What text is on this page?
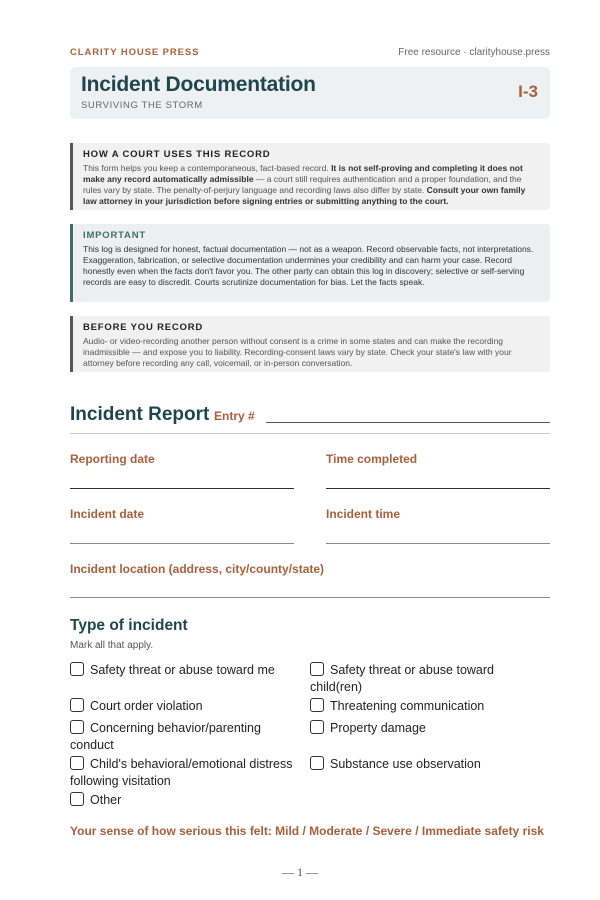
CLARITY HOUSE PRESS	Free resource · clarityhouse.press
Incident Documentation
SURVIVING THE STORM
I-3
HOW A COURT USES THIS RECORD

This form helps you keep a contemporaneous, fact-based record. It is not self-proving and completing it does not make any record automatically admissible — a court still requires authentication and a proper foundation, and the rules vary by state. The penalty-of-perjury language and recording laws also differ by state. Consult your own family law attorney in your jurisdiction before signing entries or submitting anything to the court.

IMPORTANT

This log is designed for honest, factual documentation — not as a weapon. Record observable facts, not interpretations. Exaggeration, fabrication, or selective documentation undermines your credibility and can harm your case. Record honestly even when the facts don't favor you. The other party can obtain this log in discovery; selective or self-serving records are easy to discredit. Courts scrutinize documentation for bias. Let the facts speak.

BEFORE YOU RECORD

Audio- or video-recording another person without consent is a crime in some states and can make the recording inadmissible — and expose you to liability. Recording-consent laws vary by state. Check your state's law with your attorney before recording any call, voicemail, or in-person conversation.

Incident Report Entry #
Reporting date	Time completed
Incident date	Incident time
Incident location (address, city/county/state)
Type of incident
Mark all that apply.
Safety threat or abuse toward me	Safety threat or abuse toward child(ren)
Court order violation	Threatening communication
Concerning behavior/parenting conduct
Property damage
Child's behavioral/emotional distress following visitation
Substance use observation
Other
Your sense of how serious this felt: Mild / Moderate / Severe / Immediate safety risk
— 1 —
